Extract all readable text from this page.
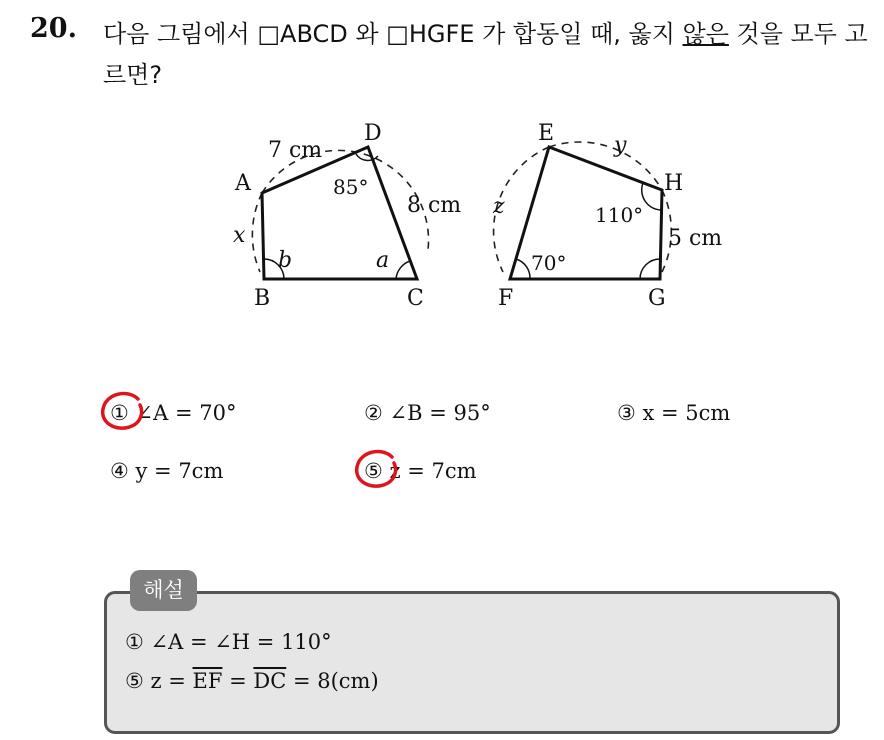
20. 다음 그림에서 □ABCD 와 □HGFE 가 합동일 때, 옳지 않은 것을 모두 고르면?
A
B	C
D
7 cm
8 cm
85°
x
b	a
E
F	G
H
y
z
5 cm
110°
70°
① ∠A = 70°	② ∠B = 95°	③ x = 5cm
④ y = 7cm	⑤ z = 7cm
해설
① ∠A = ∠H = 110°
⑤ $z = \overline{EF} = \overline{DC} = 8(cm)$
